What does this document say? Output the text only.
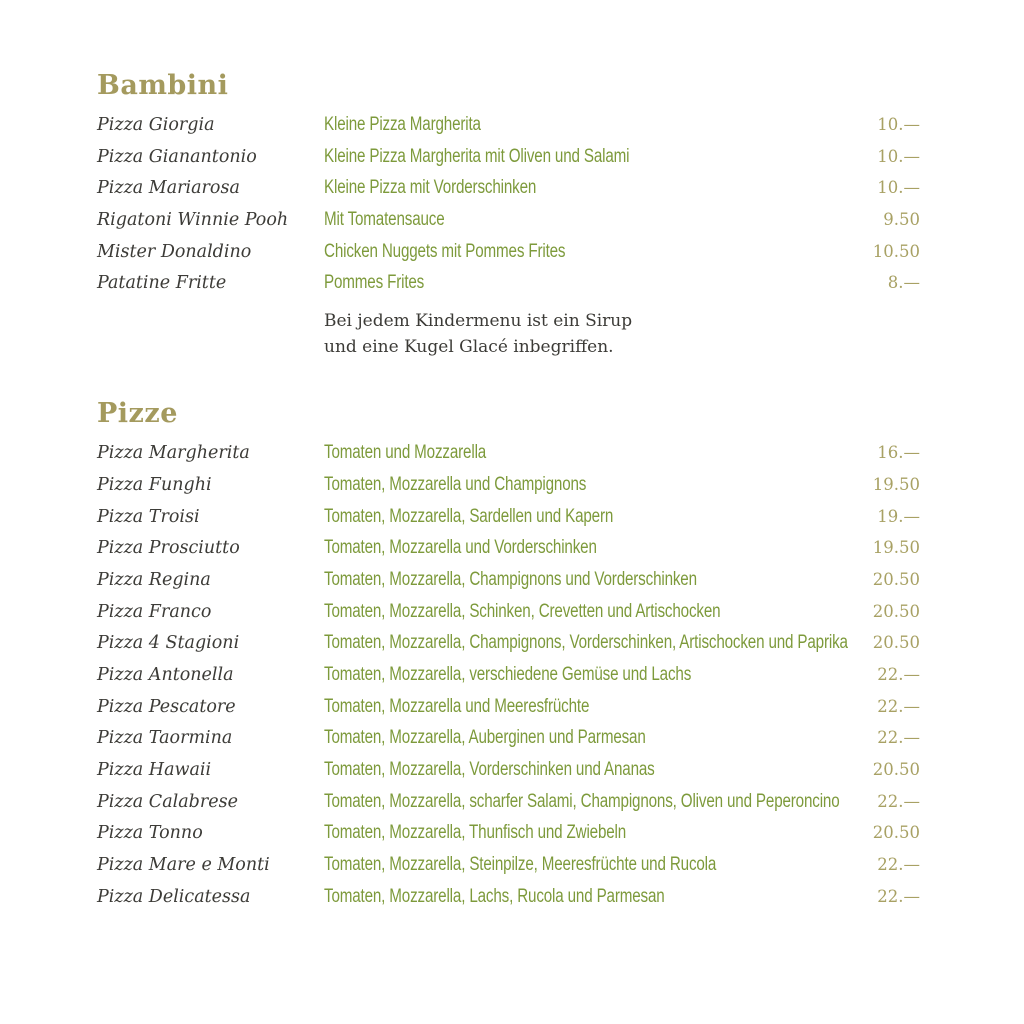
Bambini
Pizza Giorgia	Kleine Pizza Margherita	10.—
Pizza Gianantonio	Kleine Pizza Margherita mit Oliven und Salami	10.—
Pizza Mariarosa	Kleine Pizza mit Vorderschinken	10.—
Rigatoni Winnie Pooh	Mit Tomatensauce	9.50
Mister Donaldino	Chicken Nuggets mit Pommes Frites	10.50
Patatine Fritte	Pommes Frites	8.—
Bei jedem Kindermenu ist ein Sirup
und eine Kugel Glacé inbegriffen.
Pizze
Pizza Margherita	Tomaten und Mozzarella	16.—
Pizza Funghi	Tomaten, Mozzarella und Champignons	19.50
Pizza Troisi	Tomaten, Mozzarella, Sardellen und Kapern	19.—
Pizza Prosciutto	Tomaten, Mozzarella und Vorderschinken	19.50
Pizza Regina	Tomaten, Mozzarella, Champignons und Vorderschinken	20.50
Pizza Franco	Tomaten, Mozzarella, Schinken, Crevetten und Artischocken	20.50
Pizza 4 Stagioni	Tomaten, Mozzarella, Champignons, Vorderschinken, Artischocken und Paprika	20.50
Pizza Antonella	Tomaten, Mozzarella, verschiedene Gemüse und Lachs	22.—
Pizza Pescatore	Tomaten, Mozzarella und Meeresfrüchte	22.—
Pizza Taormina	Tomaten, Mozzarella, Auberginen und Parmesan	22.—
Pizza Hawaii	Tomaten, Mozzarella, Vorderschinken und Ananas	20.50
Pizza Calabrese	Tomaten, Mozzarella, scharfer Salami, Champignons, Oliven und Peperoncino	22.—
Pizza Tonno	Tomaten, Mozzarella, Thunfisch und Zwiebeln	20.50
Pizza Mare e Monti	Tomaten, Mozzarella, Steinpilze, Meeresfrüchte und Rucola	22.—
Pizza Delicatessa	Tomaten, Mozzarella, Lachs, Rucola und Parmesan	22.—
